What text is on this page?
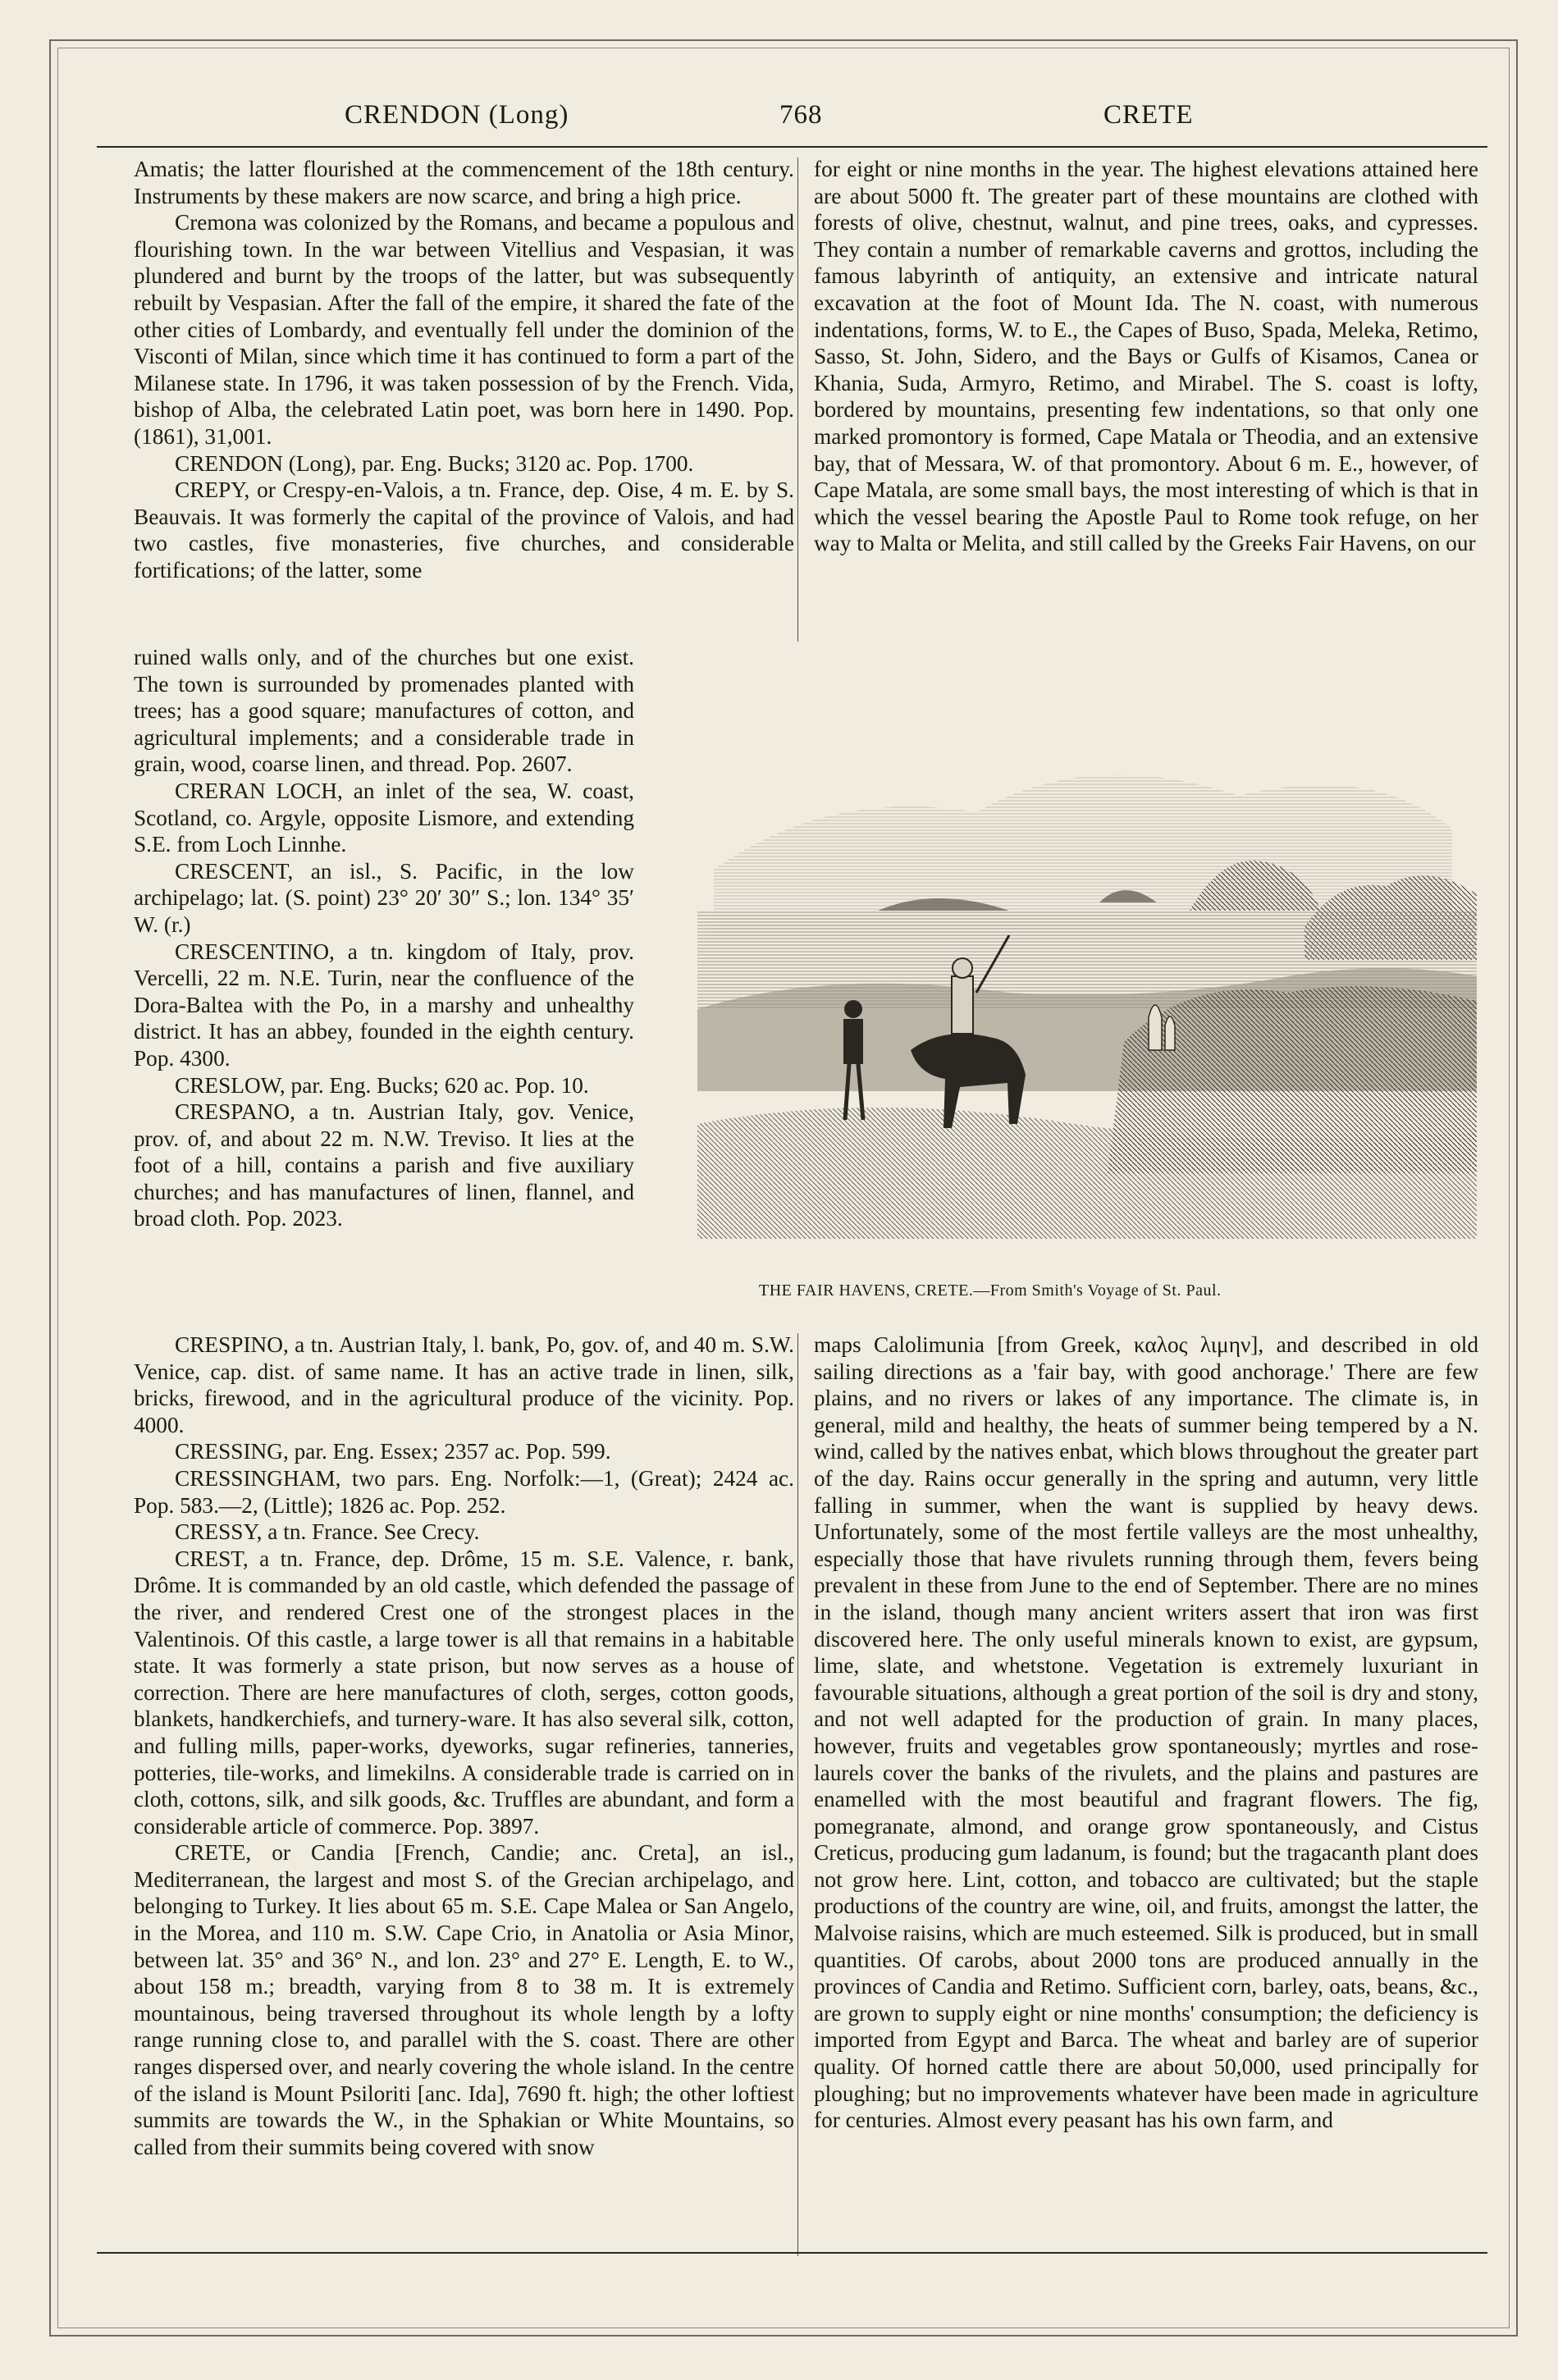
CRENDON (Long)	768	CRETE

Amatis; the latter flourished at the commencement of the 18th century. Instruments by these makers are now scarce, and bring a high price.

Cremona was colonized by the Romans, and became a populous and flourishing town. In the war between Vitellius and Vespasian, it was plundered and burnt by the troops of the latter, but was subsequently rebuilt by Vespasian. After the fall of the empire, it shared the fate of the other cities of Lombardy, and eventually fell under the dominion of the Visconti of Milan, since which time it has continued to form a part of the Milanese state. In 1796, it was taken possession of by the French. Vida, bishop of Alba, the celebrated Latin poet, was born here in 1490. Pop. (1861), 31,001.

CRENDON (Long), par. Eng. Bucks; 3120 ac. Pop. 1700.

CREPY, or Crespy-en-Valois, a tn. France, dep. Oise, 4 m. E. by S. Beauvais. It was formerly the capital of the province of Valois, and had two castles, five monasteries, five churches, and considerable fortifications; of the latter, some

ruined walls only, and of the churches but one exist. The town is surrounded by promenades planted with trees; has a good square; manufactures of cotton, and agricultural implements; and a considerable trade in grain, wood, coarse linen, and thread. Pop. 2607.

CRERAN LOCH, an inlet of the sea, W. coast, Scotland, co. Argyle, opposite Lismore, and extending S.E. from Loch Linnhe.

CRESCENT, an isl., S. Pacific, in the low archipelago; lat. (S. point) 23° 20′ 30″ S.; lon. 134° 35′ W. (r.)

CRESCENTINO, a tn. kingdom of Italy, prov. Vercelli, 22 m. N.E. Turin, near the confluence of the Dora-Baltea with the Po, in a marshy and unhealthy district. It has an abbey, founded in the eighth century. Pop. 4300.

CRESLOW, par. Eng. Bucks; 620 ac. Pop. 10.

CRESPANO, a tn. Austrian Italy, gov. Venice, prov. of, and about 22 m. N.W. Treviso. It lies at the foot of a hill, contains a parish and five auxiliary churches; and has manufactures of linen, flannel, and broad cloth. Pop. 2023.

CRESPINO, a tn. Austrian Italy, l. bank, Po, gov. of, and 40 m. S.W. Venice, cap. dist. of same name. It has an active trade in linen, silk, bricks, firewood, and in the agricultural produce of the vicinity. Pop. 4000.

CRESSING, par. Eng. Essex; 2357 ac. Pop. 599.

CRESSINGHAM, two pars. Eng. Norfolk:—1, (Great); 2424 ac. Pop. 583.—2, (Little); 1826 ac. Pop. 252.

CRESSY, a tn. France. See Crecy.

CREST, a tn. France, dep. Drôme, 15 m. S.E. Valence, r. bank, Drôme. It is commanded by an old castle, which defended the passage of the river, and rendered Crest one of the strongest places in the Valentinois. Of this castle, a large tower is all that remains in a habitable state. It was formerly a state prison, but now serves as a house of correction. There are here manufactures of cloth, serges, cotton goods, blankets, handkerchiefs, and turnery-ware. It has also several silk, cotton, and fulling mills, paper-works, dyeworks, sugar refineries, tanneries, potteries, tile-works, and limekilns. A considerable trade is carried on in cloth, cottons, silk, and silk goods, &c. Truffles are abundant, and form a considerable article of commerce. Pop. 3897.

CRETE, or Candia [French, Candie; anc. Creta], an isl., Mediterranean, the largest and most S. of the Grecian archipelago, and belonging to Turkey. It lies about 65 m. S.E. Cape Malea or San Angelo, in the Morea, and 110 m. S.W. Cape Crio, in Anatolia or Asia Minor, between lat. 35° and 36° N., and lon. 23° and 27° E. Length, E. to W., about 158 m.; breadth, varying from 8 to 38 m. It is extremely mountainous, being traversed throughout its whole length by a lofty range running close to, and parallel with the S. coast. There are other ranges dispersed over, and nearly covering the whole island. In the centre of the island is Mount Psiloriti [anc. Ida], 7690 ft. high; the other loftiest summits are towards the W., in the Sphakian or White Mountains, so called from their summits being covered with snow

for eight or nine months in the year. The highest elevations attained here are about 5000 ft. The greater part of these mountains are clothed with forests of olive, chestnut, walnut, and pine trees, oaks, and cypresses. They contain a number of remarkable caverns and grottos, including the famous labyrinth of antiquity, an extensive and intricate natural excavation at the foot of Mount Ida. The N. coast, with numerous indentations, forms, W. to E., the Capes of Buso, Spada, Meleka, Retimo, Sasso, St. John, Sidero, and the Bays or Gulfs of Kisamos, Canea or Khania, Suda, Armyro, Retimo, and Mirabel. The S. coast is lofty, bordered by mountains, presenting few indentations, so that only one marked promontory is formed, Cape Matala or Theodia, and an extensive bay, that of Messara, W. of that promontory. About 6 m. E., however, of Cape Matala, are some small bays, the most interesting of which is that in which the vessel bearing the Apostle Paul to Rome took refuge, on her way to Malta or Melita, and still called by the Greeks Fair Havens, on our

THE FAIR HAVENS, CRETE.—From Smith's Voyage of St. Paul.

maps Calolimunia [from Greek, καλος λιμην], and described in old sailing directions as a 'fair bay, with good anchorage.' There are few plains, and no rivers or lakes of any importance. The climate is, in general, mild and healthy, the heats of summer being tempered by a N. wind, called by the natives enbat, which blows throughout the greater part of the day. Rains occur generally in the spring and autumn, very little falling in summer, when the want is supplied by heavy dews. Unfortunately, some of the most fertile valleys are the most unhealthy, especially those that have rivulets running through them, fevers being prevalent in these from June to the end of September. There are no mines in the island, though many ancient writers assert that iron was first discovered here. The only useful minerals known to exist, are gypsum, lime, slate, and whetstone. Vegetation is extremely luxuriant in favourable situations, although a great portion of the soil is dry and stony, and not well adapted for the production of grain. In many places, however, fruits and vegetables grow spontaneously; myrtles and rose-laurels cover the banks of the rivulets, and the plains and pastures are enamelled with the most beautiful and fragrant flowers. The fig, pomegranate, almond, and orange grow spontaneously, and Cistus Creticus, producing gum ladanum, is found; but the tragacanth plant does not grow here. Lint, cotton, and tobacco are cultivated; but the staple productions of the country are wine, oil, and fruits, amongst the latter, the Malvoise raisins, which are much esteemed. Silk is produced, but in small quantities. Of carobs, about 2000 tons are produced annually in the provinces of Candia and Retimo. Sufficient corn, barley, oats, beans, &c., are grown to supply eight or nine months' consumption; the deficiency is imported from Egypt and Barca. The wheat and barley are of superior quality. Of horned cattle there are about 50,000, used principally for ploughing; but no improvements whatever have been made in agriculture for centuries. Almost every peasant has his own farm, and
